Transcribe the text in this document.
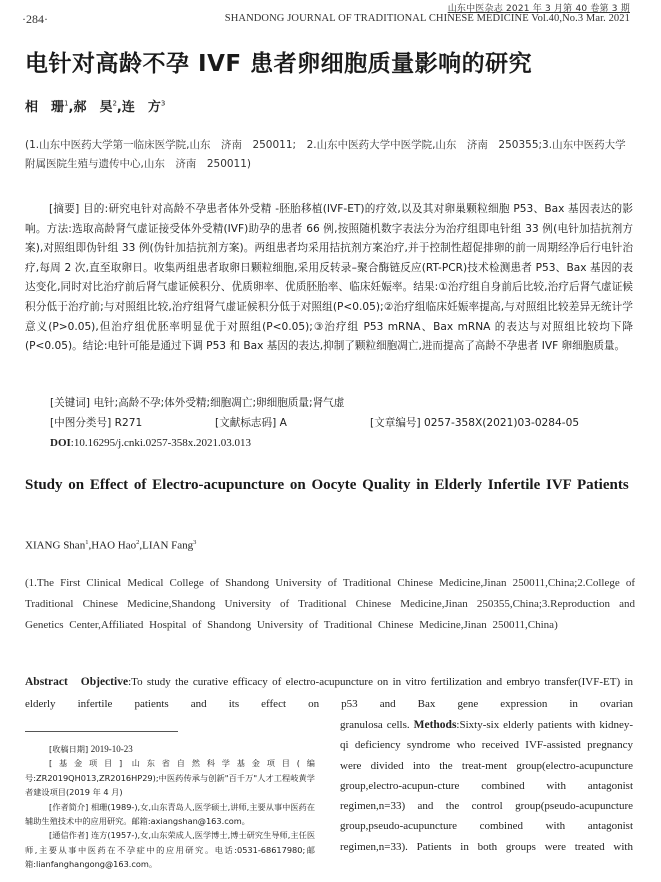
山东中医杂志 2021 年 3 月第 40 卷第 3 期
·284·	SHANDONG JOURNAL OF TRADITIONAL CHINESE MEDICINE Vol.40,No.3 Mar. 2021
电针对高龄不孕 IVF 患者卵细胞质量影响的研究
相　珊$^1$,郝　昊$^2$,连　方$^3$
(1.山东中医药大学第一临床医学院,山东　济南　250011;　2.山东中医药大学中医学院,山东　济南　250355;3.山东中医药大学附属医院生殖与遗传中心,山东　济南　250011)
[摘要] 目的:研究电针对高龄不孕患者体外受精 -胚胎移植(IVF-ET)的疗效,以及其对卵巢颗粒细胞 P53、Bax 基因表达的影响。方法:选取高龄肾气虚证接受体外受精(IVF)助孕的患者 66 例,按照随机数字表法分为治疗组即电针组 33 例(电针加拮抗剂方案),对照组即伪针组 33 例(伪针加拮抗剂方案)。两组患者均采用拮抗剂方案治疗,并于控制性超促排卵的前一周期经净后行电针治疗,每周 2 次,直至取卵日。收集两组患者取卵日颗粒细胞,采用反转录–聚合酶链反应(RT-PCR)技术检测患者 P53、Bax 基因的表达变化,同时对比治疗前后肾气虚证候积分、优质卵率、优质胚胎率、临床妊娠率。结果:①治疗组自身前后比较,治疗后肾气虚证候积分低于治疗前;与对照组比较,治疗组肾气虚证候积分低于对照组(P<0.05);②治疗组临床妊娠率提高,与对照组比较差异无统计学意义(P>0.05),但治疗组优胚率明显优于对照组(P<0.05);③治疗组 P53 mRNA、Bax mRNA 的表达与对照组比较均下降(P<0.05)。结论:电针可能是通过下调 P53 和 Bax 基因的表达,抑制了颗粒细胞凋亡,进而提高了高龄不孕患者 IVF 卵细胞质量。
[关键词]
电针;高龄不孕;体外受精;细胞凋亡;卵细胞质量;肾气虚
[中图分类号] R271	[文献标志码] A	[文章编号] 0257-358X(2021)03-0284-05
DOI :10.16295/j.cnki.0257-358x.2021.03.013
Study on Effect of Electro-acupuncture on Oocyte Quality in Elderly Infertile IVF Patients
XIANG Shan$^1$,HAO Hao$^2$,LIAN Fang$^3$
(1.The First Clinical Medical College of Shandong University of Traditional Chinese Medicine,Jinan 250011,China;2.College of Traditional Chinese Medicine,Shandong University of Traditional Chinese Medicine,Jinan 250355,China;3.Reproduction and Genetics Center,Affiliated Hospital of Shandong University of Traditional Chinese Medicine,Jinan 250011,China)
Abstract Objective:To study the curative efficacy of electro-acupuncture on in vitro fertilization and embryo transfer(IVF-ET) in elderly infertile patients and its effect on p53 and Bax gene expression in ovarian
granulosa cells. Methods:Sixty-six elderly patients with kidney-qi deficiency syndrome who received IVF-assisted pregnancy were divided into the treat-ment group(electro-acupuncture group,electro-acupun-cture combined with antagonist regimen,n=33) and the control group(pseudo-acupuncture group,pseudo-acupuncture combined with antagonist regimen,n=33). Patients in both groups were treated with
[收稿日期] 2019-10-23
[基金项目] 山东省自然科学基金项目(编号:ZR2019QH013,ZR2016HP29);中医药传承与创新"百千万"人才工程岐黄学者建设项目(2019 年 4 月)
[作者简介] 相珊(1989-),女,山东青岛人,医学硕士,讲师,主要从事中医药在辅助生殖技术中的应用研究。邮箱:axiangshan@163.com。
[通信作者] 连方(1957-),女,山东荣成人,医学博士,博士研究生导师,主任医师,主要从事中医药在不孕症中的应用研究。电话:0531-68617980;邮箱:lianfanghangong@163.com。
